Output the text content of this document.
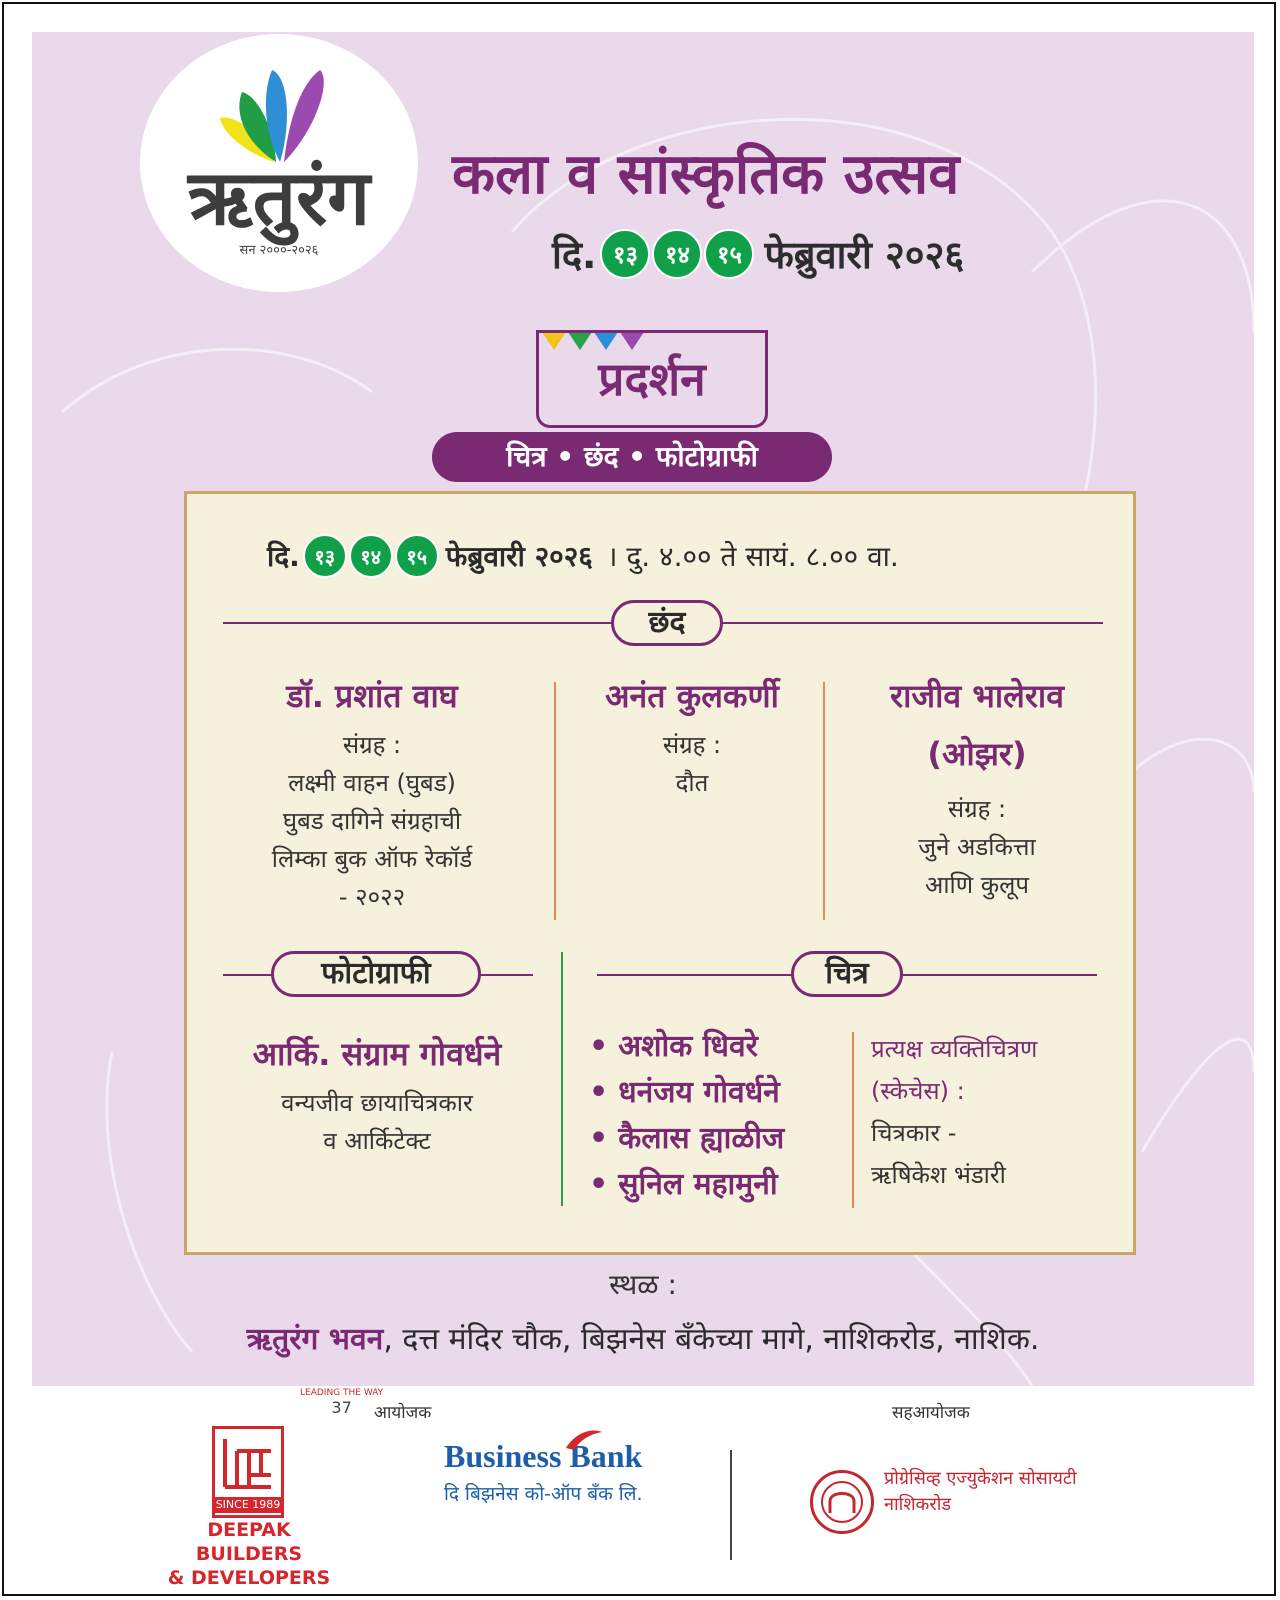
ऋतुरंग
सन २०००-२०२६
कला व सांस्कृतिक उत्सव
दि. १३	१४	१५ फेब्रुवारी २०२६
प्रदर्शन
चित्र • छंद • फोटोग्राफी
दि. १३	१४	१५ फेब्रुवारी २०२६ । दु. ४.०० ते सायं. ८.०० वा.
छंद
डॉ. प्रशांत वाघ
संग्रह :
लक्ष्मी वाहन (घुबड)
घुबड दागिने संग्रहाची
लिम्का बुक ऑफ रेकॉर्ड
- २०२२
अनंत कुलकर्णी
संग्रह :
दौत
राजीव भालेराव
(ओझर)
संग्रह :
जुने अडकित्ता
आणि कुलूप
फोटोग्राफी
आर्कि. संग्राम गोवर्धने
वन्यजीव छायाचित्रकार
व आर्किटेक्ट
चित्र
• अशोक धिवरे
• धनंजय गोवर्धने
• कैलास ह्याळीज
• सुनिल महामुनी
प्रत्यक्ष व्यक्तिचित्रण
(स्केचेस) :
चित्रकार -
ऋषिकेश भंडारी
स्थळ :
ऋतुरंग भवन, दत्त मंदिर चौक, बिझनेस बँकेच्या मागे, नाशिकरोड, नाशिक.
आयोजक	सहआयोजक
LEADING THE WAY
37
SINCE 1989
DEEPAK BUILDERS
& DEVELOPERS
Business Bank
दि बिझनेस को-ऑप बँक लि.
प्रोग्रेसिव्ह एज्युकेशन सोसायटी
नाशिकरोड
